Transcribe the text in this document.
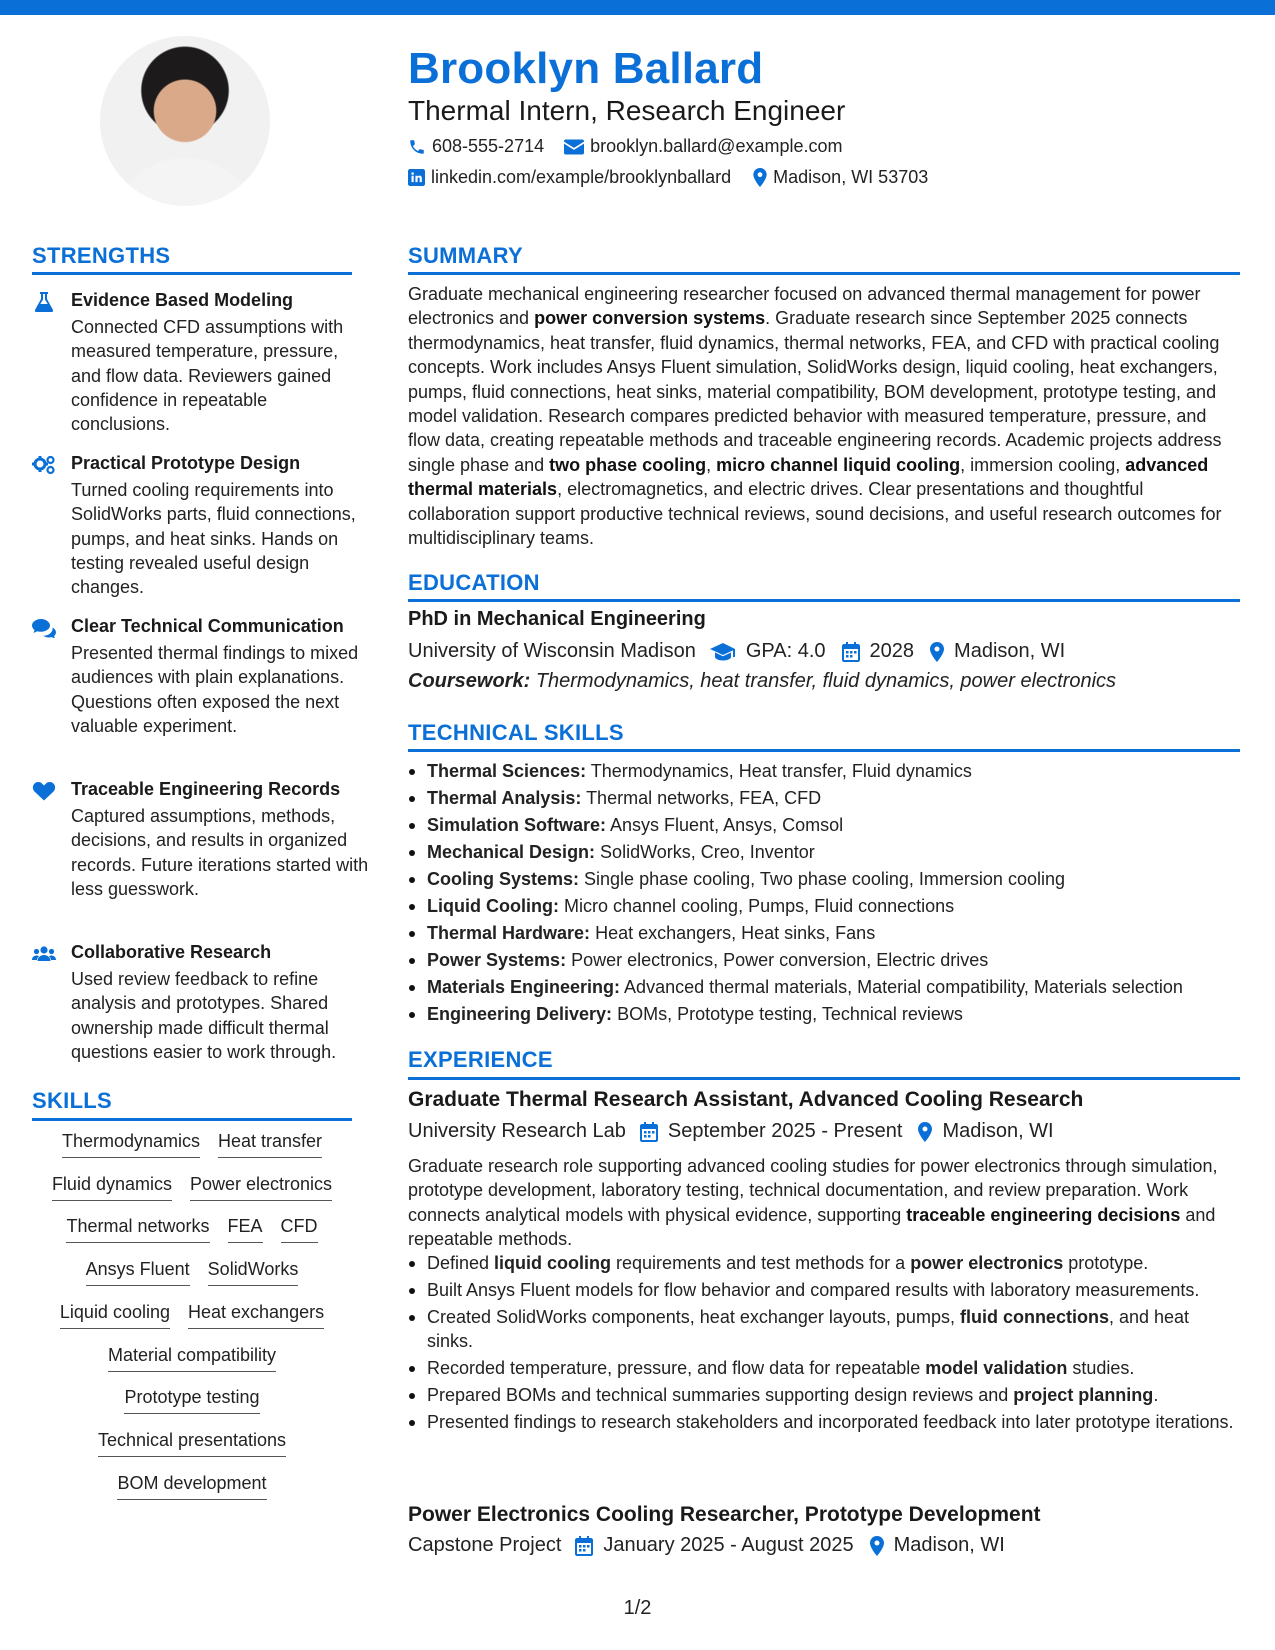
Brooklyn Ballard
Thermal Intern, Research Engineer
608-555-2714	brooklyn.ballard@example.com
linkedin.com/example/brooklynballard Madison, WI 53703
STRENGTHS
Evidence Based Modeling
Connected CFD assumptions with measured temperature, pressure, and flow data. Reviewers gained confidence in repeatable conclusions.
Practical Prototype Design
Turned cooling requirements into SolidWorks parts, fluid connections, pumps, and heat sinks. Hands on testing revealed useful design changes.
Clear Technical Communication
Presented thermal findings to mixed audiences with plain explanations. Questions often exposed the next valuable experiment.
Traceable Engineering Records
Captured assumptions, methods, decisions, and results in organized records. Future iterations started with less guesswork.
Collaborative Research
Used review feedback to refine analysis and prototypes. Shared ownership made difficult thermal questions easier to work through.
SKILLS
Thermodynamics Heat transfer
Fluid dynamics Power electronics
Thermal networks FEA CFD
Ansys Fluent SolidWorks
Liquid cooling Heat exchangers
Material compatibility
Prototype testing
Technical presentations
BOM development
SUMMARY
Graduate mechanical engineering researcher focused on advanced thermal management for power electronics and power conversion systems. Graduate research since September 2025 connects thermodynamics, heat transfer, fluid dynamics, thermal networks, FEA, and CFD with practical cooling concepts. Work includes Ansys Fluent simulation, SolidWorks design, liquid cooling, heat exchangers, pumps, fluid connections, heat sinks, material compatibility, BOM development, prototype testing, and model validation. Research compares predicted behavior with measured temperature, pressure, and flow data, creating repeatable methods and traceable engineering records. Academic projects address single phase and two phase cooling, micro channel liquid cooling, immersion cooling, advanced thermal materials, electromagnetics, and electric drives. Clear presentations and thoughtful collaboration support productive technical reviews, sound decisions, and useful research outcomes for multidisciplinary teams.
EDUCATION
PhD in Mechanical Engineering
University of Wisconsin Madison	GPA: 4.0 2028 Madison, WI
Coursework: Thermodynamics, heat transfer, fluid dynamics, power electronics
TECHNICAL SKILLS
Thermal Sciences: Thermodynamics, Heat transfer, Fluid dynamics
Thermal Analysis: Thermal networks, FEA, CFD
Simulation Software: Ansys Fluent, Ansys, Comsol
Mechanical Design: SolidWorks, Creo, Inventor
Cooling Systems: Single phase cooling, Two phase cooling, Immersion cooling
Liquid Cooling: Micro channel cooling, Pumps, Fluid connections
Thermal Hardware: Heat exchangers, Heat sinks, Fans
Power Systems: Power electronics, Power conversion, Electric drives
Materials Engineering: Advanced thermal materials, Material compatibility, Materials selection
Engineering Delivery: BOMs, Prototype testing, Technical reviews
EXPERIENCE
Graduate Thermal Research Assistant, Advanced Cooling Research
University Research Lab September 2025 - Present Madison, WI
Graduate research role supporting advanced cooling studies for power electronics through simulation, prototype development, laboratory testing, technical documentation, and review preparation. Work connects analytical models with physical evidence, supporting traceable engineering decisions and repeatable methods.
Defined liquid cooling requirements and test methods for a power electronics prototype.
Built Ansys Fluent models for flow behavior and compared results with laboratory measurements.
Created SolidWorks components, heat exchanger layouts, pumps, fluid connections, and heat sinks.
Recorded temperature, pressure, and flow data for repeatable model validation studies.
Prepared BOMs and technical summaries supporting design reviews and project planning.
Presented findings to research stakeholders and incorporated feedback into later prototype iterations.
Power Electronics Cooling Researcher, Prototype Development
Capstone Project January 2025 - August 2025 Madison, WI
1/2
